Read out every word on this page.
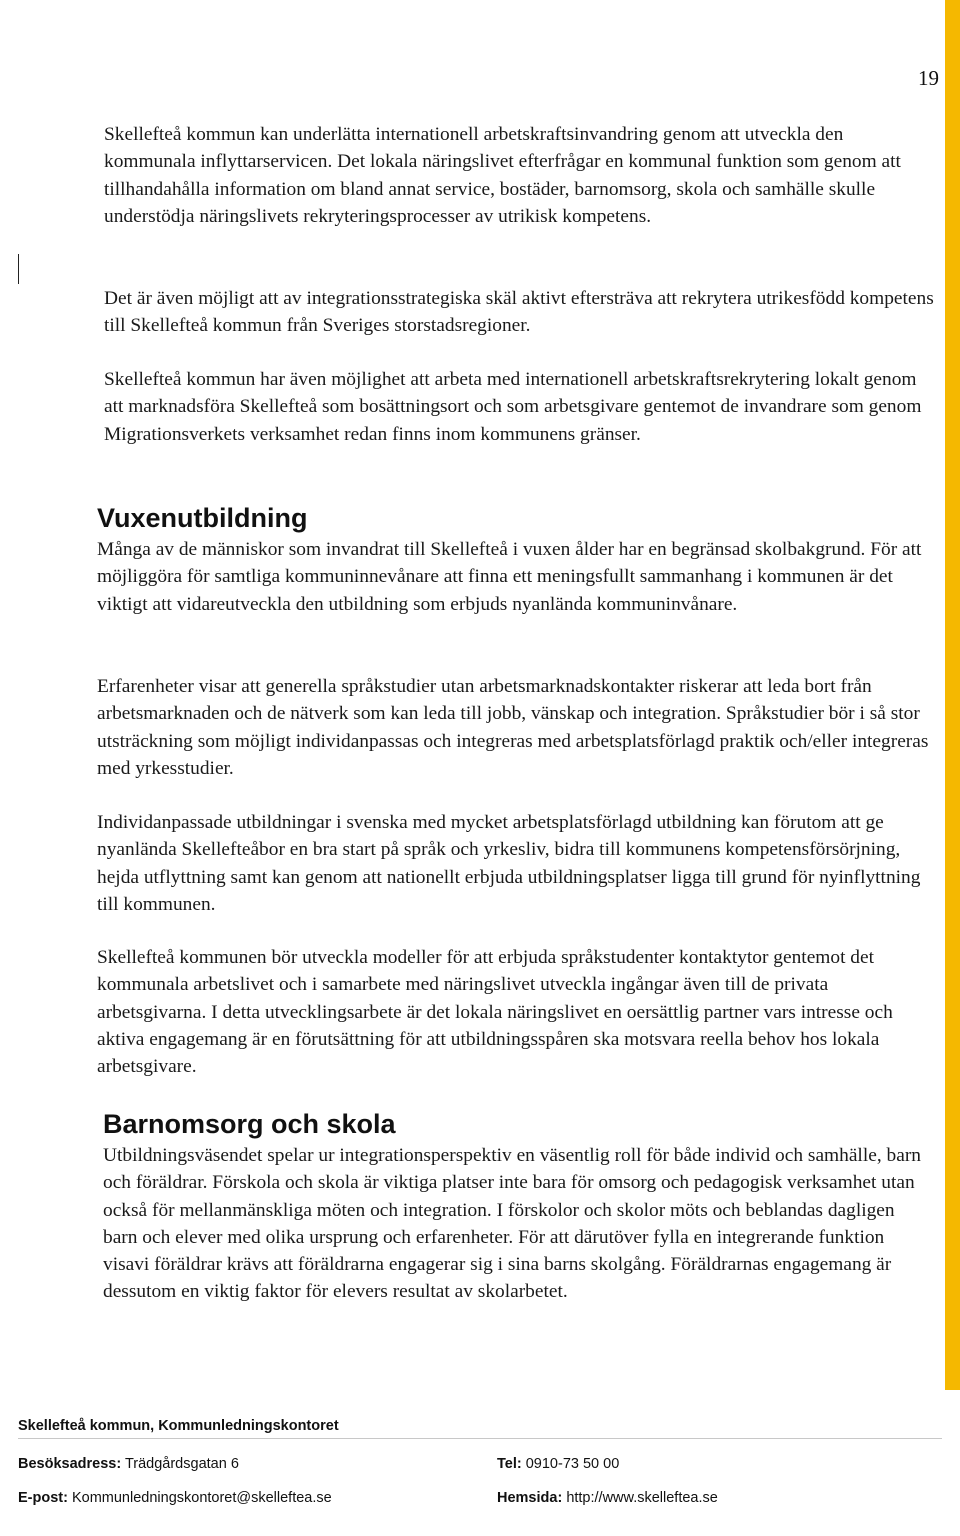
19

Skellefteå kommun kan underlätta internationell arbetskraftsinvandring genom att utveckla den kommunala inflyttarservicen. Det lokala näringslivet efterfrågar en kommunal funktion som genom att tillhandahålla information om bland annat service, bostäder, barnomsorg, skola och samhälle skulle understödja näringslivets rekryteringsprocesser av utrikisk kompetens.

Det är även möjligt att av integrationsstrategiska skäl aktivt eftersträva att rekrytera utrikesfödd kompetens till Skellefteå kommun från Sveriges storstadsregioner.

Skellefteå kommun har även möjlighet att arbeta med internationell arbetskraftsrekrytering lokalt genom att marknadsföra Skellefteå som bosättningsort och som arbetsgivare gentemot de invandrare som genom Migrationsverkets verksamhet redan finns inom kommunens gränser.

Vuxenutbildning

Många av de människor som invandrat till Skellefteå i vuxen ålder har en begränsad skolbakgrund. För att möjliggöra för samtliga kommuninnevånare att finna ett meningsfullt sammanhang i kommunen är det viktigt att vidareutveckla den utbildning som erbjuds nyanlända kommuninvånare.

Erfarenheter visar att generella språkstudier utan arbetsmarknadskontakter riskerar att leda bort från arbetsmarknaden och de nätverk som kan leda till jobb, vänskap och integration. Språkstudier bör i så stor utsträckning som möjligt individanpassas och integreras med arbetsplatsförlagd praktik och/eller integreras med yrkesstudier.

Individanpassade utbildningar i svenska med mycket arbetsplatsförlagd utbildning kan förutom att ge nyanlända Skellefteåbor en bra start på språk och yrkesliv, bidra till kommunens kompetensförsörjning, hejda utflyttning samt kan genom att nationellt erbjuda utbildningsplatser ligga till grund för nyinflyttning till kommunen.

Skellefteå kommunen bör utveckla modeller för att erbjuda språkstudenter kontaktytor gentemot det kommunala arbetslivet och i samarbete med näringslivet utveckla ingångar även till de privata arbetsgivarna. I detta utvecklingsarbete är det lokala näringslivet en oersättlig partner vars intresse och aktiva engagemang är en förutsättning för att utbildningsspåren ska motsvara reella behov hos lokala arbetsgivare.

Barnomsorg och skola

Utbildningsväsendet spelar ur integrationsperspektiv en väsentlig roll för både individ och samhälle, barn och föräldrar. Förskola och skola är viktiga platser inte bara för omsorg och pedagogisk verksamhet utan också för mellanmänskliga möten och integration. I förskolor och skolor möts och beblandas dagligen barn och elever med olika ursprung och erfarenheter. För att därutöver fylla en integrerande funktion visavi föräldrar krävs att föräldrarna engagerar sig i sina barns skolgång. Föräldrarnas engagemang är dessutom en viktig faktor för elevers resultat av skolarbetet.

Skellefteå kommun, Kommunledningskontoret
Besöksadress: Trädgårdsgatan 6	Tel: 0910-73 50 00
E-post: Kommunledningskontoret@skelleftea.se	Hemsida: http://www.skelleftea.se
